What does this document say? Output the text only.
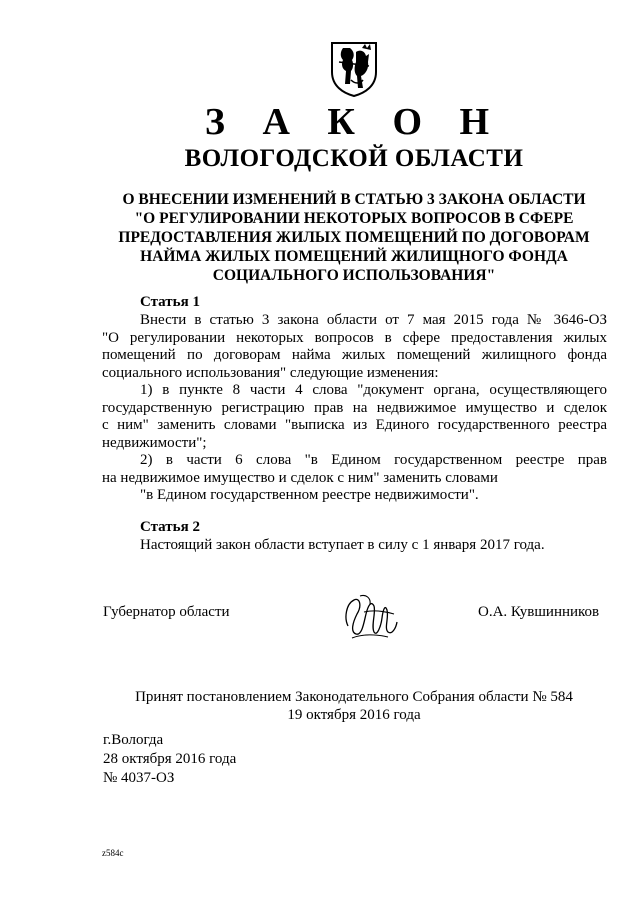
З А К О Н
ВОЛОГОДСКОЙ ОБЛАСТИ
О ВНЕСЕНИИ ИЗМЕНЕНИЙ В СТАТЬЮ 3 ЗАКОНА ОБЛАСТИ
"О РЕГУЛИРОВАНИИ НЕКОТОРЫХ ВОПРОСОВ В СФЕРЕ
ПРЕДОСТАВЛЕНИЯ ЖИЛЫХ ПОМЕЩЕНИЙ ПО ДОГОВОРАМ
НАЙМА ЖИЛЫХ ПОМЕЩЕНИЙ ЖИЛИЩНОГО ФОНДА
СОЦИАЛЬНОГО ИСПОЛЬЗОВАНИЯ"
Статья 1
Внести в статью 3 закона области от 7 мая 2015 года № 3646-ОЗ
"О регулировании некоторых вопросов в сфере предоставления жилых
помещений по договорам найма жилых помещений жилищного фонда
социального использования" следующие изменения:
1) в пункте 8 части 4 слова "документ органа, осуществляющего
государственную регистрацию прав на недвижимое имущество и сделок
с ним" заменить словами "выписка из Единого государственного реестра
недвижимости";
2) в части 6 слова "в Едином государственном реестре прав
на недвижимое имущество и сделок с ним" заменить словами
"в Едином государственном реестре недвижимости".
Статья 2
Настоящий закон области вступает в силу с 1 января 2017 года.
Губернатор области	О.А. Кувшинников
Принят постановлением Законодательного Собрания области № 584
19 октября 2016 года
г.Вологда
28 октября 2016 года
№ 4037-ОЗ
z584c
